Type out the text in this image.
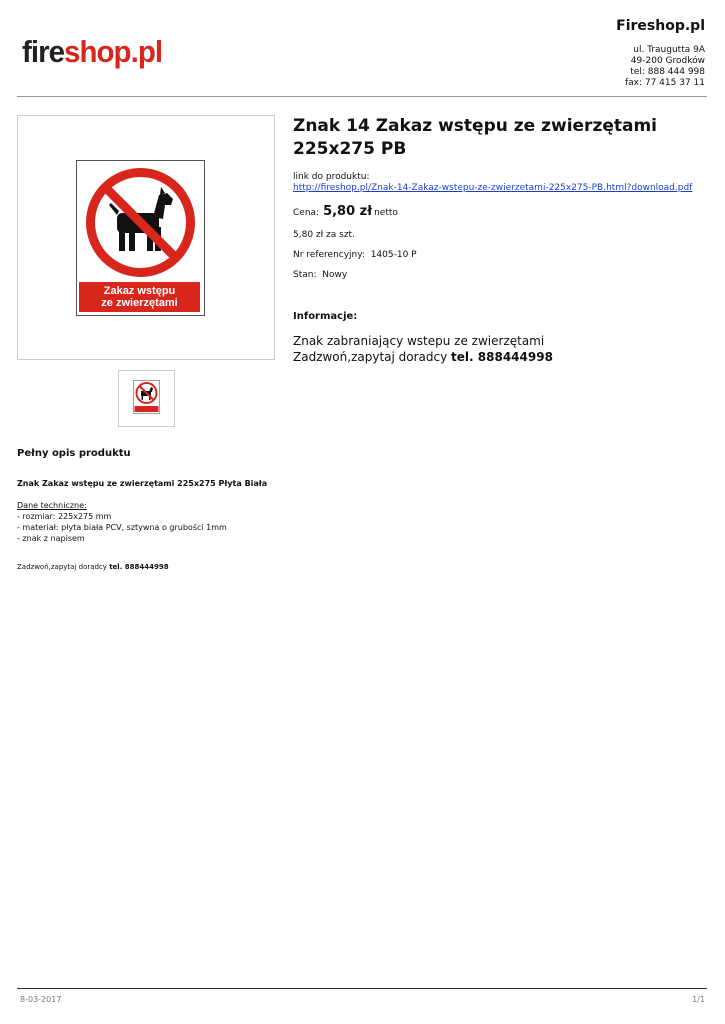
fireshop.pl
Fireshop.pl
ul. Traugutta 9A
49-200 Grodków
tel: 888 444 998
fax: 77 415 37 11
Zakaz wstępu
ze zwierzętami
Znak 14 Zakaz wstępu ze zwierzętami 225x275 PB
link do produktu:
http://fireshop.pl/Znak-14-Zakaz-wstepu-ze-zwierzetami-225x275-PB.html?download.pdf
Cena: 5,80 zł netto
5,80 zł za szt.
Nr referencyjny: 1405-10 P
Stan: Nowy
Informacje:
Znak zabraniający wstepu ze zwierzętami
Zadzwoń,zapytaj doradcy tel. 888444998
Pełny opis produktu
Znak Zakaz wstępu ze zwierzętami 225x275 Płyta Biała
Dane techniczne:
- rozmiar: 225x275 mm
- materiał: płyta biała PCV, sztywna o grubości 1mm
- znak z napisem
Zadzwoń,zapytaj doradcy tel. 888444998
8-03-2017	1/1
